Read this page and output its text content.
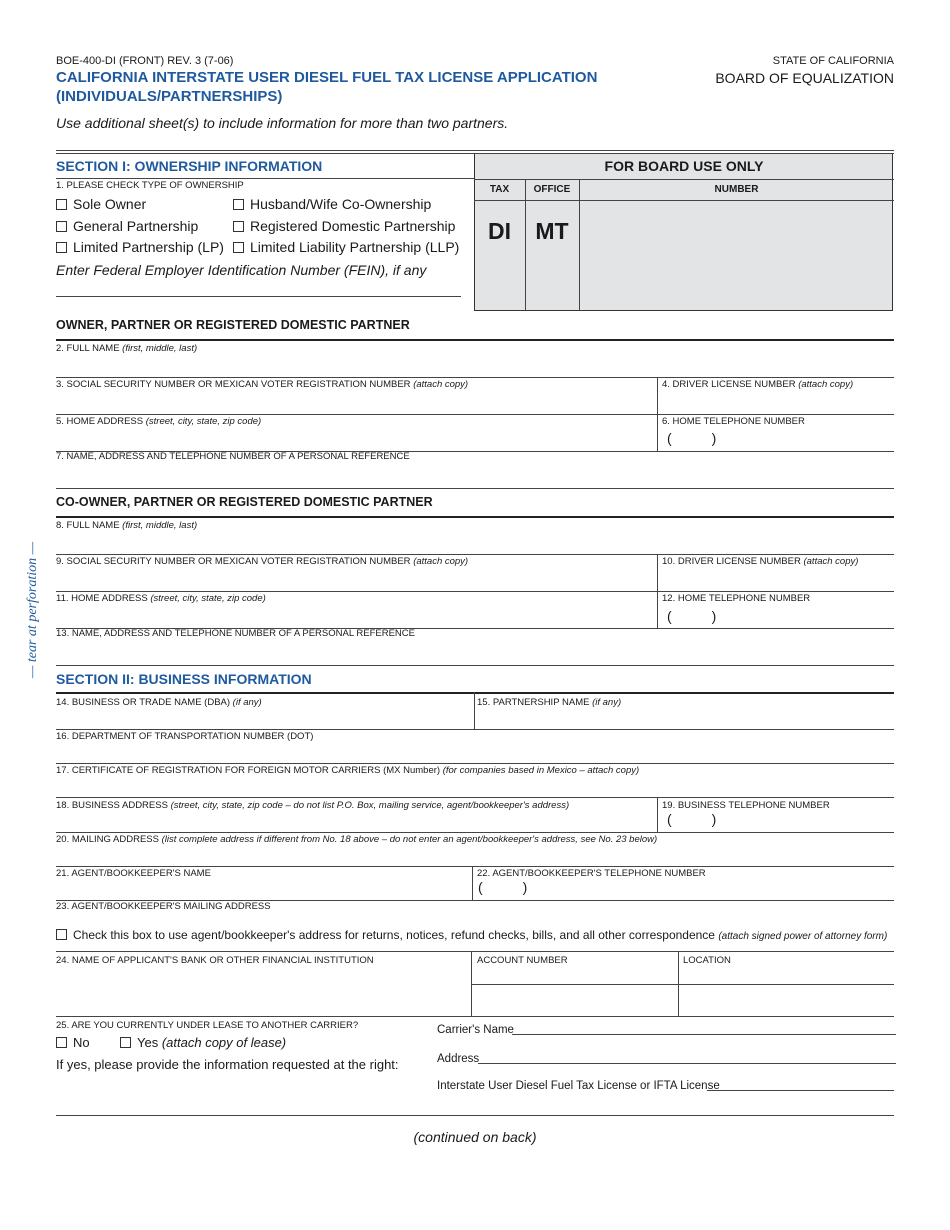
BOE-400-DI (FRONT) REV. 3 (7-06)
CALIFORNIA INTERSTATE USER DIESEL FUEL TAX LICENSE APPLICATION
(INDIVIDUALS/PARTNERSHIPS)
STATE OF CALIFORNIA
BOARD OF EQUALIZATION
Use additional sheet(s) to include information for more than two partners.
— tear at perforation —
FOR BOARD USE ONLY
TAX	OFFICE	NUMBER
DI	MT
SECTION I: OWNERSHIP INFORMATION
1. PLEASE CHECK TYPE OF OWNERSHIP
Sole Owner	Husband/Wife Co-Ownership
General Partnership	Registered Domestic Partnership
Limited Partnership (LP)	Limited Liability Partnership (LLP)
Enter Federal Employer Identification Number (FEIN), if any
OWNER, PARTNER OR REGISTERED DOMESTIC PARTNER
2. FULL NAME (first, middle, last)
3. SOCIAL SECURITY NUMBER OR MEXICAN VOTER REGISTRATION NUMBER (attach copy)	4. DRIVER LICENSE NUMBER (attach copy)
5. HOME ADDRESS (street, city, state, zip code)	6. HOME TELEPHONE NUMBER
(	)
7. NAME, ADDRESS AND TELEPHONE NUMBER OF A PERSONAL REFERENCE
CO-OWNER, PARTNER OR REGISTERED DOMESTIC PARTNER
8. FULL NAME (first, middle, last)
9. SOCIAL SECURITY NUMBER OR MEXICAN VOTER REGISTRATION NUMBER (attach copy)	10. DRIVER LICENSE NUMBER (attach copy)
11. HOME ADDRESS (street, city, state, zip code)	12. HOME TELEPHONE NUMBER
(	)
13. NAME, ADDRESS AND TELEPHONE NUMBER OF A PERSONAL REFERENCE
SECTION II: BUSINESS INFORMATION
14. BUSINESS OR TRADE NAME (DBA) (if any)	15. PARTNERSHIP NAME (if any)
16. DEPARTMENT OF TRANSPORTATION NUMBER (DOT)
17. CERTIFICATE OF REGISTRATION FOR FOREIGN MOTOR CARRIERS (MX Number) (for companies based in Mexico – attach copy)
18. BUSINESS ADDRESS (street, city, state, zip code – do not list P.O. Box, mailing service, agent/bookkeeper's address)	19. BUSINESS TELEPHONE NUMBER
(	)
20. MAILING ADDRESS (list complete address if different from No. 18 above – do not enter an agent/bookkeeper's address, see No. 23 below)
21. AGENT/BOOKKEEPER'S NAME	22. AGENT/BOOKKEEPER'S TELEPHONE NUMBER
(	)
23. AGENT/BOOKKEEPER'S MAILING ADDRESS
Check this box to use agent/bookkeeper's address for returns, notices, refund checks, bills, and all other correspondence (attach signed power of attorney form)
24. NAME OF APPLICANT'S BANK OR OTHER FINANCIAL INSTITUTION	ACCOUNT NUMBER	LOCATION
25. ARE YOU CURRENTLY UNDER LEASE TO ANOTHER CARRIER?
No	Yes (attach copy of lease)
If yes, please provide the information requested at the right:
Carrier's Name
Address
Interstate User Diesel Fuel Tax License or IFTA License
(continued on back)
